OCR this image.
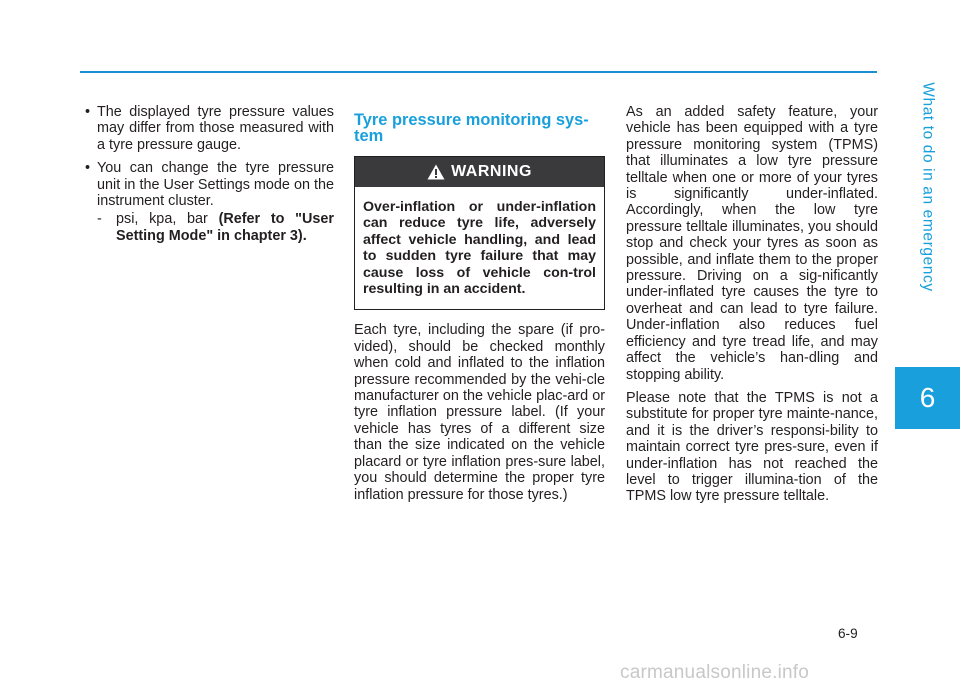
What to do in an emergency
6
• The displayed tyre pressure values may differ from those measured with a tyre pressure gauge.
• You can change the tyre pressure unit in the User Settings mode on the instrument cluster.
- psi, kpa, bar (Refer to "User Setting Mode" in chapter 3).
Tyre pressure monitoring sys-tem
WARNING
Over-inflation or under-inflation can reduce tyre life, adversely affect vehicle handling, and lead to sudden tyre failure that may cause loss of vehicle con-trol resulting in an accident.

Each tyre, including the spare (if pro-vided), should be checked monthly when cold and inflated to the inflation pressure recommended by the vehi-cle manufacturer on the vehicle plac-ard or tyre inflation pressure label. (If your vehicle has tyres of a different size than the size indicated on the vehicle placard or tyre inflation pres-sure label, you should determine the proper tyre inflation pressure for those tyres.)

As an added safety feature, your vehicle has been equipped with a tyre pressure monitoring system (TPMS) that illuminates a low tyre pressure telltale when one or more of your tyres is significantly under-inflated. Accordingly, when the low tyre pressure telltale illuminates, you should stop and check your tyres as soon as possible, and inflate them to the proper pressure. Driving on a sig-nificantly under-inflated tyre causes the tyre to overheat and can lead to tyre failure. Under-inflation also reduces fuel efficiency and tyre tread life, and may affect the vehicle’s han-dling and stopping ability.

Please note that the TPMS is not a substitute for proper tyre mainte-nance, and it is the driver’s responsi-bility to maintain correct tyre pres-sure, even if under-inflation has not reached the level to trigger illumina-tion of the TPMS low tyre pressure telltale.

6-9
carmanualsonline.info
